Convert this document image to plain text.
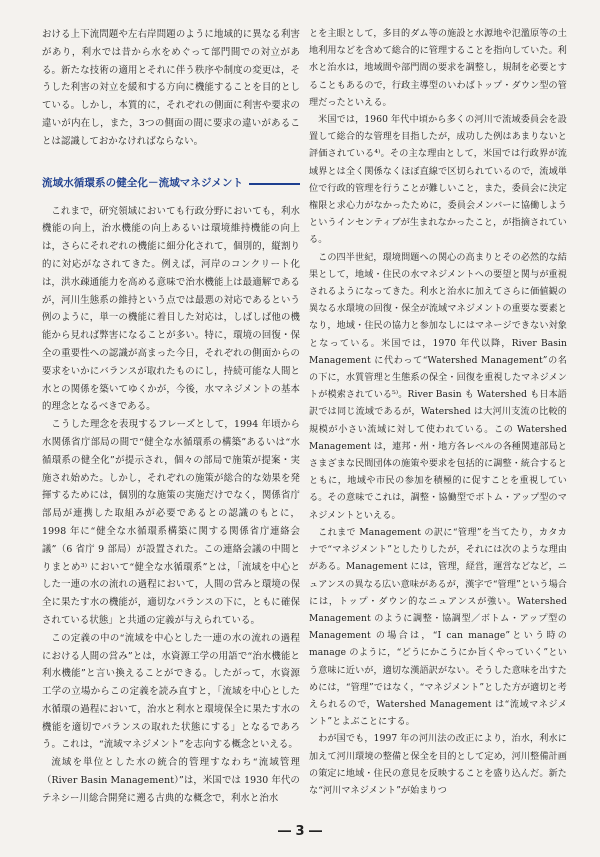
おける上下流問題や左右岸問題のように地域的に異なる利害があり，利水では昔から水をめぐって部門間での対立がある。新たな技術の適用とそれに伴う秩序や制度の変更は，そうした利害の対立を緩和する方向に機能することを目的としている。しかし，本質的に，それぞれの側面に利害や要求の違いが内在し，また，3つの側面の間に要求の違いがあることは認識しておかなければならない。

流域水循環系の健全化－流域マネジメント

これまで，研究領域においても行政分野においても，利水機能の向上，治水機能の向上あるいは環境維持機能の向上は，さらにそれぞれの機能に細分化されて，個別的，縦割り的に対応がなされてきた。例えば，河岸のコンクリート化は，洪水疎通能力を高める意味で治水機能上は最適解であるが，河川生態系の維持という点では最悪の対応であるという例のように，単一の機能に着目した対応は，しばしば他の機能から見れば弊害になることが多い。特に，環境の回復・保全の重要性への認識が高まった今日，それぞれの側面からの要求をいかにバランスが取れたものにし，持続可能な人間と水との関係を築いてゆくかが，今後，水マネジメントの基本的理念となるべきである。

こうした理念を表現するフレーズとして，1994 年頃から水関係省庁部局の間で“健全な水循環系の構築”あるいは“水循環系の健全化”が提示され，個々の部局で施策が提案・実施され始めた。しかし，それぞれの施策が総合的な効果を発揮するためには，個別的な施策の実施だけでなく，関係省庁部局が連携した取組みが必要であるとの認識のもとに，1998 年に“健全な水循環系構築に関する関係省庁連絡会議”（6 省庁 9 部局）が設置された。この連絡会議の中間とりまとめ³⁾ において“健全な水循環系”とは，「流域を中心とした一連の水の流れの過程において，人間の営みと環境の保全に果たす水の機能が，適切なバランスの下に，ともに確保されている状態」と共通の定義が与えられている。

この定義の中の“流域を中心とした一連の水の流れの過程における人間の営み”とは，水資源工学の用語で“治水機能と利水機能”と言い換えることができる。したがって，水資源工学の立場からこの定義を読み直すと，「流域を中心とした水循環の過程において，治水と利水と環境保全に果たす水の機能を適切でバランスの取れた状態にする」となるであろう。これは，“流域マネジメント”を志向する概念といえる。

流域を単位とした水の統合的管理すなわち“流域管理（River Basin Management）”は，米国では 1930 年代のテネシー川総合開発に遡る古典的な概念で，利水と治水

とを主眼として，多目的ダム等の施設と水源地や氾濫原等の土地利用などを含めて総合的に管理することを指向していた。利水と治水は，地域間や部門間の要求を調整し，規制を必要とすることもあるので，行政主導型のいわばトップ・ダウン型の管理だったといえる。

米国では，1960 年代中頃から多くの河川で流域委員会を設置して総合的な管理を目指したが，成功した例はあまりないと評価されている⁴⁾。その主な理由として，米国では行政界が流域界とは全く関係なくほぼ直線で区切られているので，流域単位で行政的管理を行うことが難しいこと，また，委員会に決定権限と求心力がなかったために，委員会メンバーに協働しようというインセンティブが生まれなかったこと，が指摘されている。

この四半世紀，環境問題への関心の高まりとその必然的な結果として，地域・住民の水マネジメントへの要望と関与が重視されるようになってきた。利水と治水に加えてさらに価値観の異なる水環境の回復・保全が流域マネジメントの重要な要素となり，地域・住民の協力と参加なしにはマネージできない対象となっている。米国では，1970 年代以降，River Basin Management に代わって“Watershed Management”の名の下に，水質管理と生態系の保全・回復を重視したマネジメントが模索されている⁵⁾。River Basin も Watershed も日本語訳では同じ流域であるが，Watershed は大河川支流の比較的規模が小さい流域に対して使われている。この Watershed Management は，連邦・州・地方各レベルの各種関連部局とさまざまな民間団体の施策や要求を包括的に調整・統合するとともに，地域や市民の参加を積極的に促すことを重視している。その意味でこれは，調整・協働型でボトム・アップ型のマネジメントといえる。

これまで Management の訳に“管理”を当てたり，カタカナで“マネジメント”としたりしたが，それには次のような理由がある。Management には，管理，経営，運営などなど，ニュアンスの異なる広い意味があるが，漢字で“管理”という場合には，トップ・ダウン的なニュアンスが強い。Watershed Management のように調整・協調型／ボトム・アップ型の Management の場合は，“I can manage”という時の manage のように，“どうにかこうにか旨くやっていく”という意味に近いが，適切な漢語訳がない。そうした意味を出すためには，“管理”ではなく，“マネジメント”とした方が適切と考えられるので，Watershed Management は“流域マネジメント”とよぶことにする。

わが国でも，1997 年の河川法の改正により，治水，利水に加えて河川環境の整備と保全を目的として定め，河川整備計画の策定に地域・住民の意見を反映することを盛り込んだ。新たな“河川マネジメント”が始まりつ

― 3 ―
